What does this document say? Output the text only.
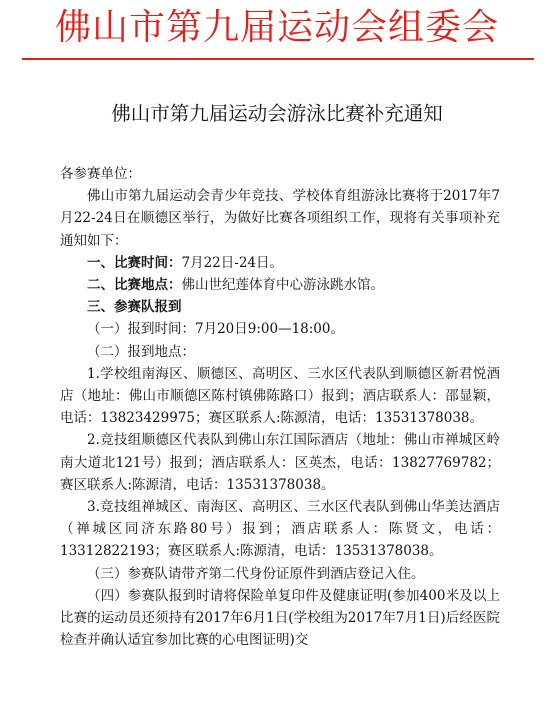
佛山市第九届运动会组委会
佛山市第九届运动会游泳比赛补充通知

各参赛单位：

佛山市第九届运动会青少年竞技、学校体育组游泳比赛将于2017年7月22-24日在顺德区举行，为做好比赛各项组织工作，现将有关事项补充通知如下：

一、比赛时间：7月22日-24日。

二、比赛地点：佛山世纪莲体育中心游泳跳水馆。

三、参赛队报到

（一）报到时间：7月20日9:00—18:00。

（二）报到地点：

1.学校组南海区、顺德区、高明区、三水区代表队到顺德区新君悦酒店（地址：佛山市顺德区陈村镇佛陈路口）报到；酒店联系人：邵显颖，电话：13823429975；赛区联系人:陈源清，电话：13531378038。

2.竞技组顺德区代表队到佛山东江国际酒店（地址：佛山市禅城区岭南大道北121号）报到；酒店联系人：区英杰，电话：13827769782；赛区联系人:陈源清，电话：13531378038。

3.竞技组禅城区、南海区、高明区、三水区代表队到佛山华美达酒店（禅城区同济东路80号）报到；酒店联系人：陈贤文，电话：13312822193；赛区联系人:陈源清，电话：13531378038。

（三）参赛队请带齐第二代身份证原件到酒店登记入住。

（四）参赛队报到时请将保险单复印件及健康证明(参加400米及以上比赛的运动员还须持有2017年6月1日(学校组为2017年7月1日)后经医院检查并确认适宜参加比赛的心电图证明)交
